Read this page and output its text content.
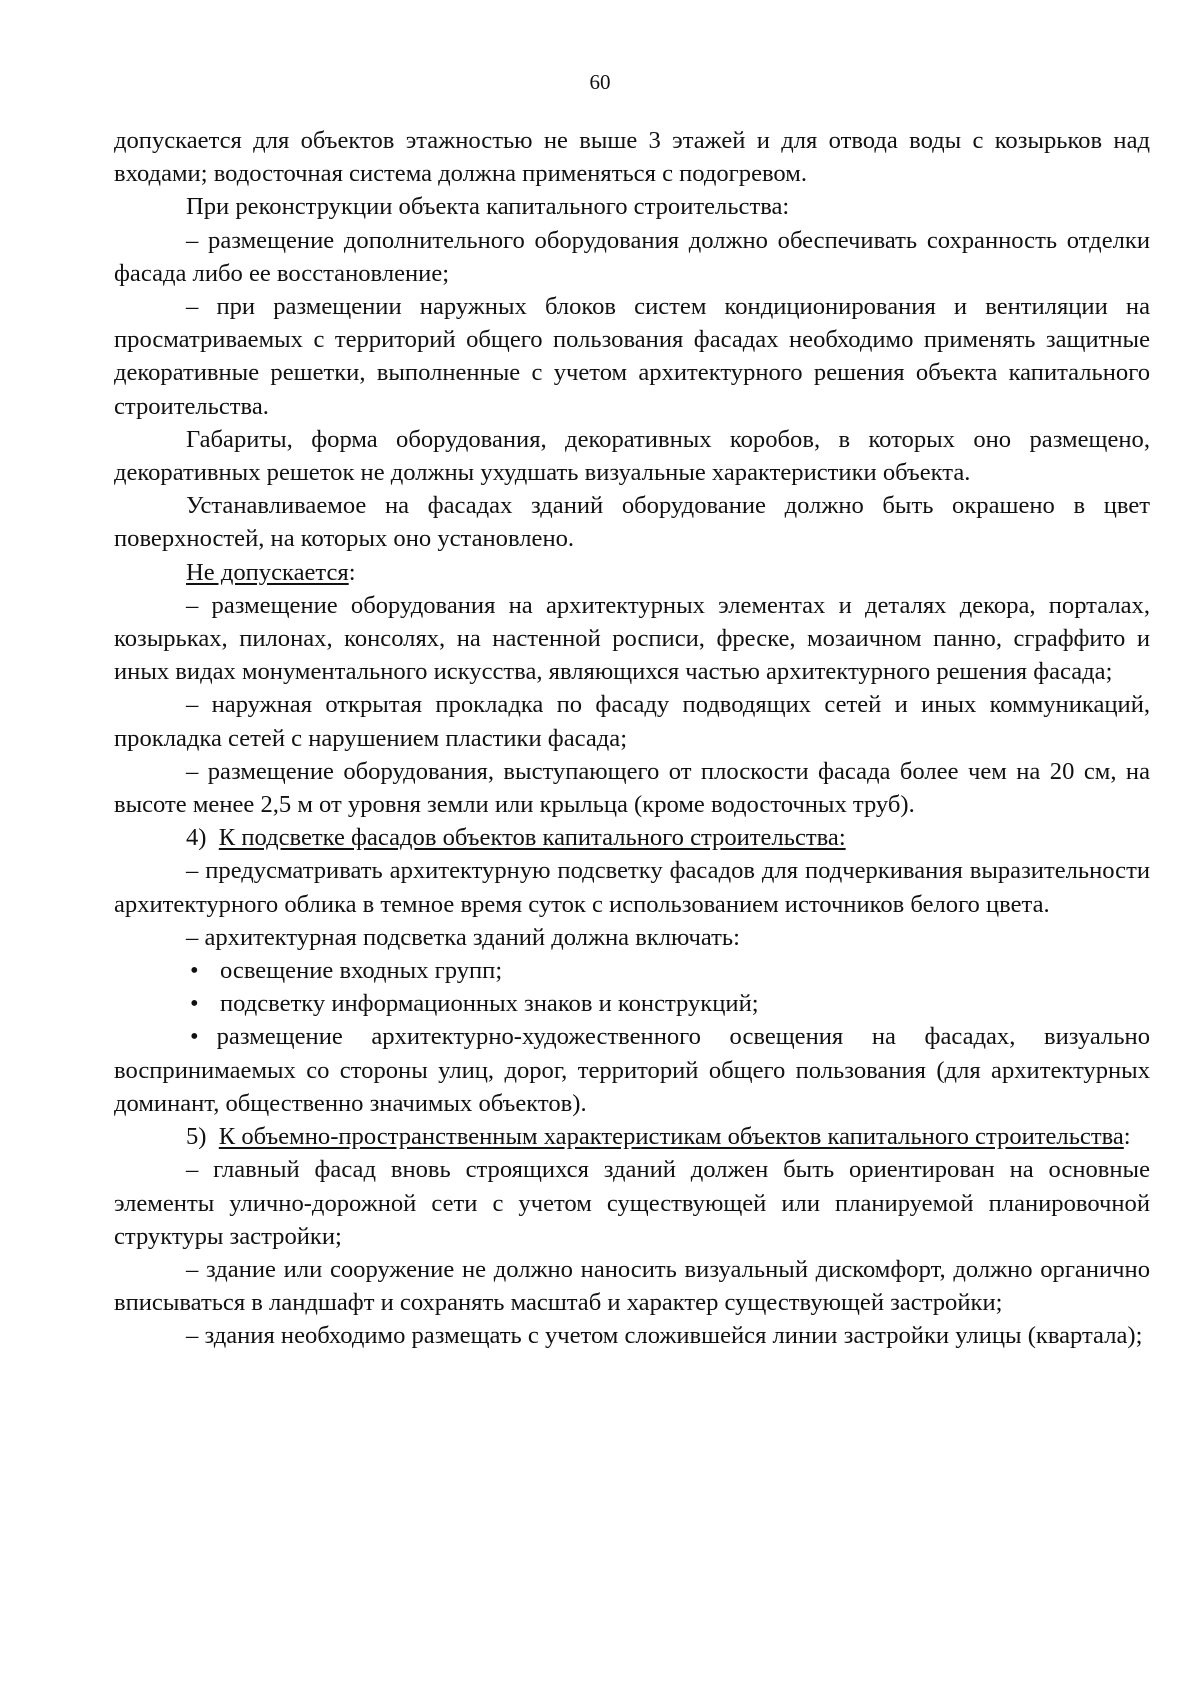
60

допускается для объектов этажностью не выше 3 этажей и для отвода воды с козырьков над входами; водосточная система должна применяться с подогревом.

При реконструкции объекта капитального строительства:

– размещение дополнительного оборудования должно обеспечивать сохранность отделки фасада либо ее восстановление;

– при размещении наружных блоков систем кондиционирования и вентиляции на просматриваемых с территорий общего пользования фасадах необходимо применять защитные декоративные решетки, выполненные с учетом архитектурного решения объекта капитального строительства.

Габариты, форма оборудования, декоративных коробов, в которых оно размещено, декоративных решеток не должны ухудшать визуальные характеристики объекта.

Устанавливаемое на фасадах зданий оборудование должно быть окрашено в цвет поверхностей, на которых оно установлено.

Не допускается:

– размещение оборудования на архитектурных элементах и деталях декора, порталах, козырьках, пилонах, консолях, на настенной росписи, фреске, мозаичном панно, сграффито и иных видах монументального искусства, являющихся частью архитектурного решения фасада;

– наружная открытая прокладка по фасаду подводящих сетей и иных коммуникаций, прокладка сетей с нарушением пластики фасада;

– размещение оборудования, выступающего от плоскости фасада более чем на 20 см, на высоте менее 2,5 м от уровня земли или крыльца (кроме водосточных труб).

4) К подсветке фасадов объектов капитального строительства:

– предусматривать архитектурную подсветку фасадов для подчеркивания выразительности архитектурного облика в темное время суток с использованием источников белого цвета.

– архитектурная подсветка зданий должна включать:

• освещение входных групп;

• подсветку информационных знаков и конструкций;

• размещение архитектурно-художественного освещения на фасадах, визуально воспринимаемых со стороны улиц, дорог, территорий общего пользования (для архитектурных доминант, общественно значимых объектов).

5) К объемно-пространственным характеристикам объектов капитального строительства:

– главный фасад вновь строящихся зданий должен быть ориентирован на основные элементы улично-дорожной сети с учетом существующей или планируемой планировочной структуры застройки;

– здание или сооружение не должно наносить визуальный дискомфорт, должно органично вписываться в ландшафт и сохранять масштаб и характер существующей застройки;

– здания необходимо размещать с учетом сложившейся линии застройки улицы (квартала);
